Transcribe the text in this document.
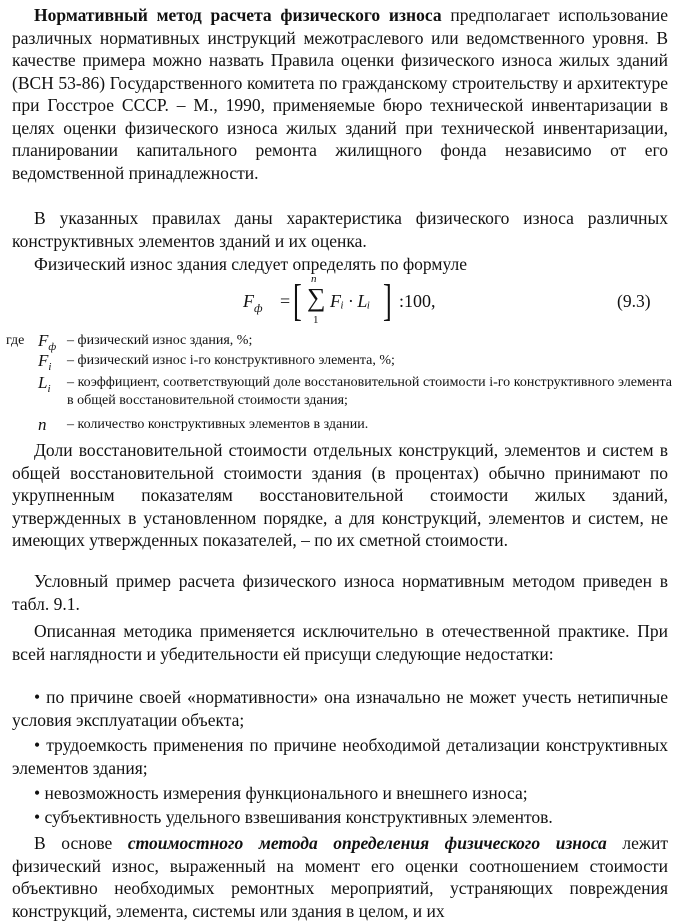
Нормативный метод расчета физического износа предполагает использование различных нормативных инструкций межотраслевого или ведомственного уровня. В качестве примера можно назвать Правила оценки физического износа жилых зданий (ВСН 53-86) Государственного комитета по гражданскому строительству и архитектуре при Госстрое СССР. – М., 1990, применяемые бюро технической инвентаризации в целях оценки физического износа жилых зданий при технической инвентаризации, планировании капитального ремонта жилищного фонда независимо от его ведомственной принадлежности.

В указанных правилах даны характеристика физического износа различных конструктивных элементов зданий и их оценка.

Физический износ здания следует определять по формуле

$F_ф$ = [ n
∑
1
Fᵢ · Lᵢ ] :100,	(9.3)
где $F_ф$ – физический износ здания, %;
$F_i$	– физический износ i-го конструктивного элемента, %;
$L_i$	– коэффициент, соответствующий доле восстановительной стоимости i-го конструктивного элемента в общей восстановительной стоимости здания;
n	– количество конструктивных элементов в здании.

Доли восстановительной стоимости отдельных конструкций, элементов и систем в общей восстановительной стоимости здания (в процентах) обычно принимают по укрупненным показателям восстановительной стоимости жилых зданий, утвержденных в установленном порядке, а для конструкций, элементов и систем, не имеющих утвержденных показателей, – по их сметной стоимости.

Условный пример расчета физического износа нормативным методом приведен в табл. 9.1.

Описанная методика применяется исключительно в отечественной практике. При всей наглядности и убедительности ей присущи следующие недостатки:

• по причине своей «нормативности» она изначально не может учесть нетипичные условия эксплуатации объекта;

• трудоемкость применения по причине необходимой детализации конструктивных элементов здания;

• невозможность измерения функционального и внешнего износа;

• субъективность удельного взвешивания конструктивных элементов.

В основе стоимостного метода определения физического износа лежит физический износ, выраженный на момент его оценки соотношением стоимости объективно необходимых ремонтных мероприятий, устраняющих повреждения конструкций, элемента, системы или здания в целом, и их
